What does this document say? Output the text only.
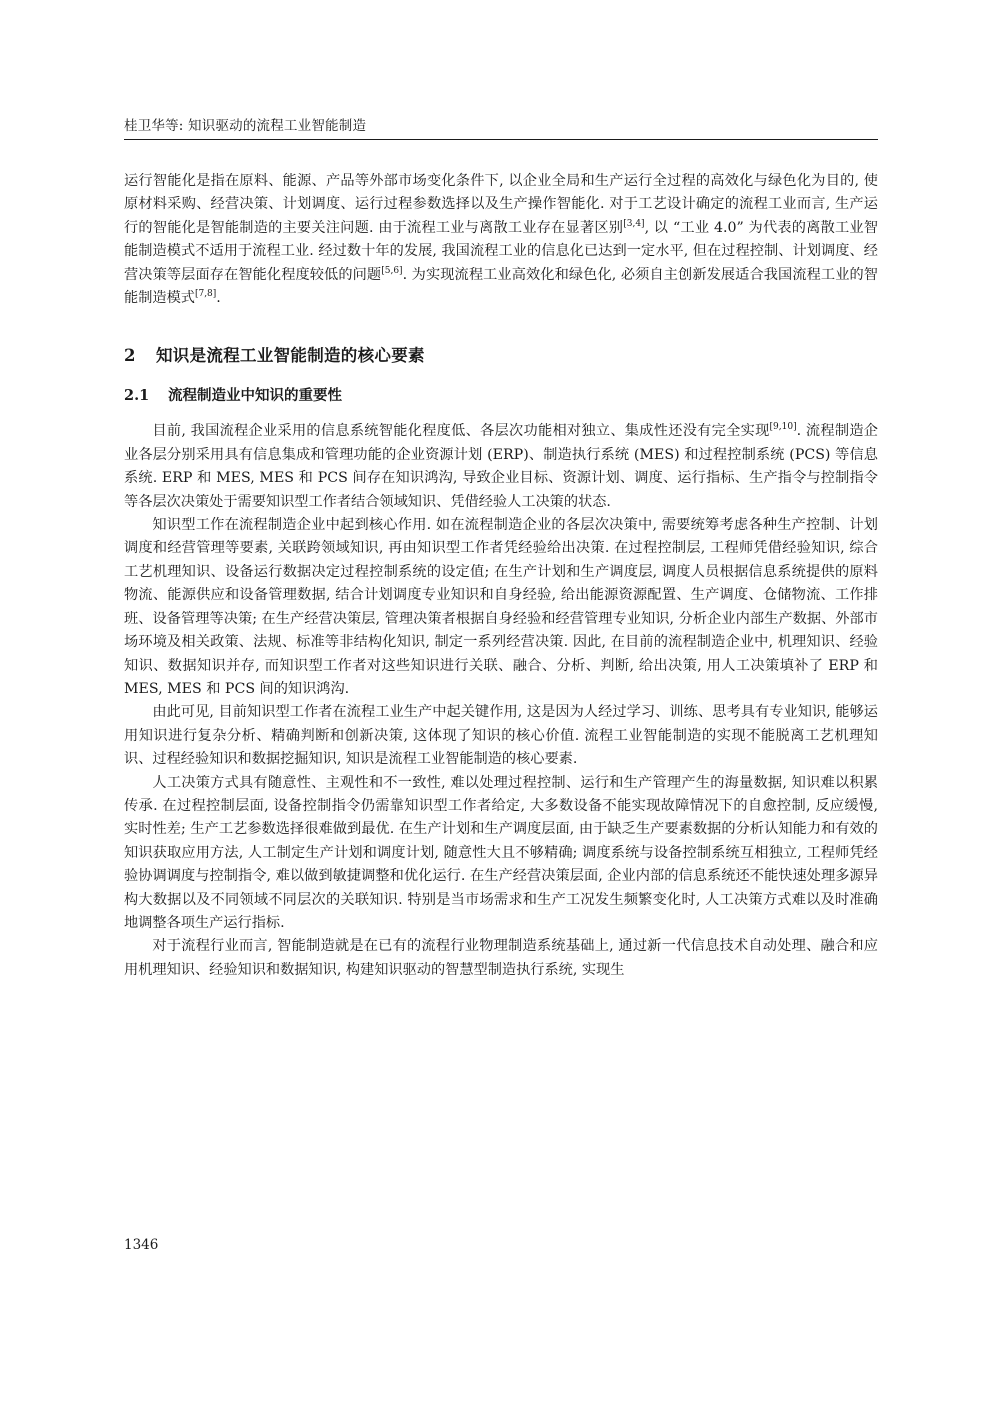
桂卫华等: 知识驱动的流程工业智能制造

运行智能化是指在原料、能源、产品等外部市场变化条件下, 以企业全局和生产运行全过程的高效化与绿色化为目的, 使原材料采购、经营决策、计划调度、运行过程参数选择以及生产操作智能化. 对于工艺设计确定的流程工业而言, 生产运行的智能化是智能制造的主要关注问题. 由于流程工业与离散工业存在显著区别[3,4], 以 “工业 4.0” 为代表的离散工业智能制造模式不适用于流程工业. 经过数十年的发展, 我国流程工业的信息化已达到一定水平, 但在过程控制、计划调度、经营决策等层面存在智能化程度较低的问题[5,6]. 为实现流程工业高效化和绿色化, 必须自主创新发展适合我国流程工业的智能制造模式[7,8].

2 知识是流程工业智能制造的核心要素
2.1 流程制造业中知识的重要性

目前, 我国流程企业采用的信息系统智能化程度低、各层次功能相对独立、集成性还没有完全实现[9,10]. 流程制造企业各层分别采用具有信息集成和管理功能的企业资源计划 (ERP)、制造执行系统 (MES) 和过程控制系统 (PCS) 等信息系统. ERP 和 MES, MES 和 PCS 间存在知识鸿沟, 导致企业目标、资源计划、调度、运行指标、生产指令与控制指令等各层次决策处于需要知识型工作者结合领域知识、凭借经验人工决策的状态.

知识型工作在流程制造企业中起到核心作用. 如在流程制造企业的各层次决策中, 需要统筹考虑各种生产控制、计划调度和经营管理等要素, 关联跨领域知识, 再由知识型工作者凭经验给出决策. 在过程控制层, 工程师凭借经验知识, 综合工艺机理知识、设备运行数据决定过程控制系统的设定值; 在生产计划和生产调度层, 调度人员根据信息系统提供的原料物流、能源供应和设备管理数据, 结合计划调度专业知识和自身经验, 给出能源资源配置、生产调度、仓储物流、工作排班、设备管理等决策; 在生产经营决策层, 管理决策者根据自身经验和经营管理专业知识, 分析企业内部生产数据、外部市场环境及相关政策、法规、标准等非结构化知识, 制定一系列经营决策. 因此, 在目前的流程制造企业中, 机理知识、经验知识、数据知识并存, 而知识型工作者对这些知识进行关联、融合、分析、判断, 给出决策, 用人工决策填补了 ERP 和 MES, MES 和 PCS 间的知识鸿沟.

由此可见, 目前知识型工作者在流程工业生产中起关键作用, 这是因为人经过学习、训练、思考具有专业知识, 能够运用知识进行复杂分析、精确判断和创新决策, 这体现了知识的核心价值. 流程工业智能制造的实现不能脱离工艺机理知识、过程经验知识和数据挖掘知识, 知识是流程工业智能制造的核心要素.

人工决策方式具有随意性、主观性和不一致性, 难以处理过程控制、运行和生产管理产生的海量数据, 知识难以积累传承. 在过程控制层面, 设备控制指令仍需靠知识型工作者给定, 大多数设备不能实现故障情况下的自愈控制, 反应缓慢, 实时性差; 生产工艺参数选择很难做到最优. 在生产计划和生产调度层面, 由于缺乏生产要素数据的分析认知能力和有效的知识获取应用方法, 人工制定生产计划和调度计划, 随意性大且不够精确; 调度系统与设备控制系统互相独立, 工程师凭经验协调调度与控制指令, 难以做到敏捷调整和优化运行. 在生产经营决策层面, 企业内部的信息系统还不能快速处理多源异构大数据以及不同领域不同层次的关联知识. 特别是当市场需求和生产工况发生频繁变化时, 人工决策方式难以及时准确地调整各项生产运行指标.

对于流程行业而言, 智能制造就是在已有的流程行业物理制造系统基础上, 通过新一代信息技术自动处理、融合和应用机理知识、经验知识和数据知识, 构建知识驱动的智慧型制造执行系统, 实现生

1346
